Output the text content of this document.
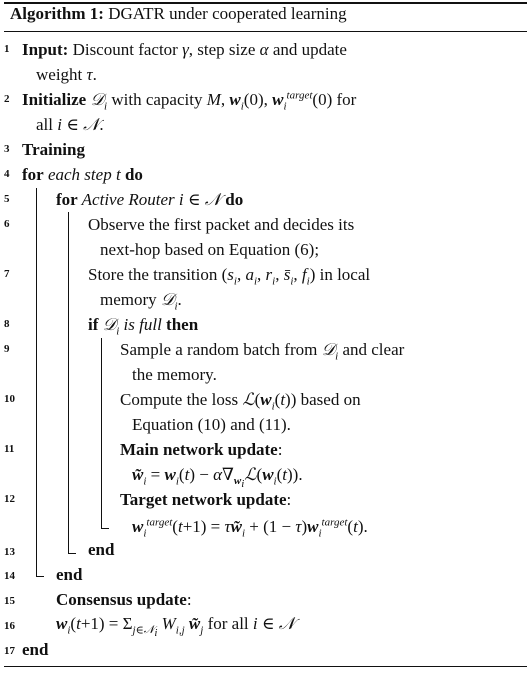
Algorithm 1: DGATR under cooperated learning
1 Input: Discount factor γ, step size α and update
weight τ.
2 Initialize 𝒟$_i$ with capacity M, $w_i(0)$, $w_i^{target}(0)$ for
all i ∈ 𝒩.
3 Training
4 for each step t do
5	for Active Router i ∈ 𝒩 do
6	Observe the first packet and decides its
next-hop based on Equation (6);
7	Store the transition ($s_i$, $a_i$, $r_i$, $s̄_i$, $f_i$) in local
memory 𝒟$_i$.
8	if 𝒟$_i$ is full then
9	Sample a random batch from 𝒟$_i$ and clear
the memory.
10	Compute the loss $ℒ(w_i(t))$ based on
Equation (10) and (11).
11	Main network update:
$w̃_i = w_i(t)$ − $\alpha\nabla_{w_i}ℒ(w_i(t))$.
12	Target network update:
$w_i^{target}(t+1)$ = $\tau w̃_i + (1 - \tau)w_i^{target}(t)$.
13	end
14	end
15	Consensus update:
16	$w_i(t+1) = \Sigma_{j\in 𝒩_i}$ $W_{i,j}$ $w̃_j$ for all i ∈ 𝒩
17 end
